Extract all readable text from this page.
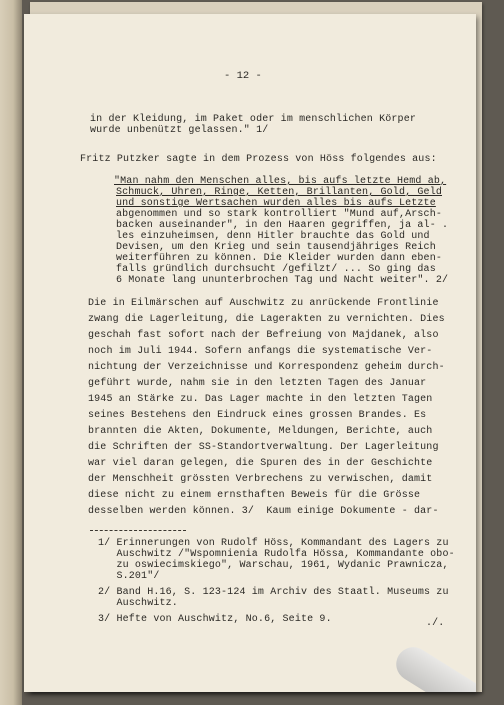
- 12 -
in der Kleidung, im Paket oder im menschlichen Körper
wurde unbenützt gelassen." 1/
Fritz Putzker sagte in dem Prozess von Höss folgendes aus:
"Man nahm den Menschen alles, bis aufs letzte Hemd ab,
Schmuck, Uhren, Ringe, Ketten, Brillanten, Gold, Geld
und sonstige Wertsachen wurden alles bis aufs Letzte
abgenommen und so stark kontrolliert "Mund auf,Arsch-
backen auseinander", in den Haaren gegriffen, ja al- .
les einzuheimsen, denn Hitler brauchte das Gold und
Devisen, um den Krieg und sein tausendjähriges Reich
weiterführen zu können. Die Kleider wurden dann eben-
falls gründlich durchsucht /gefilzt/ ... So ging das
6 Monate lang ununterbrochen Tag und Nacht weiter". 2/
Die in Eilmärschen auf Auschwitz zu anrückende Frontlinie
zwang die Lagerleitung, die Lagerakten zu vernichten. Dies
geschah fast sofort nach der Befreiung von Majdanek, also
noch im Juli 1944. Sofern anfangs die systematische Ver-
nichtung der Verzeichnisse und Korrespondenz geheim durch-
geführt wurde, nahm sie in den letzten Tagen des Januar
1945 an Stärke zu. Das Lager machte in den letzten Tagen
seines Bestehens den Eindruck eines grossen Brandes. Es
brannten die Akten, Dokumente, Meldungen, Berichte, auch
die Schriften der SS-Standortverwaltung. Der Lagerleitung
war viel daran gelegen, die Spuren des in der Geschichte
der Menschheit grössten Verbrechens zu verwischen, damit
diese nicht zu einem ernsthaften Beweis für die Grösse
desselben werden können. 3/  Kaum einige Dokumente - dar-
1/ Erinnerungen von Rudolf Höss, Kommandant des Lagers zu
Auschwitz /"Wspomnienia Rudolfa Hössa, Kommandante obo-
zu oswiecimskiego", Warschau, 1961, Wydanic Prawnicza,
S.201"/
2/ Band H.16, S. 123-124 im Archiv des Staatl. Museums zu
Auschwitz.
3/ Hefte von Auschwitz, No.6, Seite 9.	./.
